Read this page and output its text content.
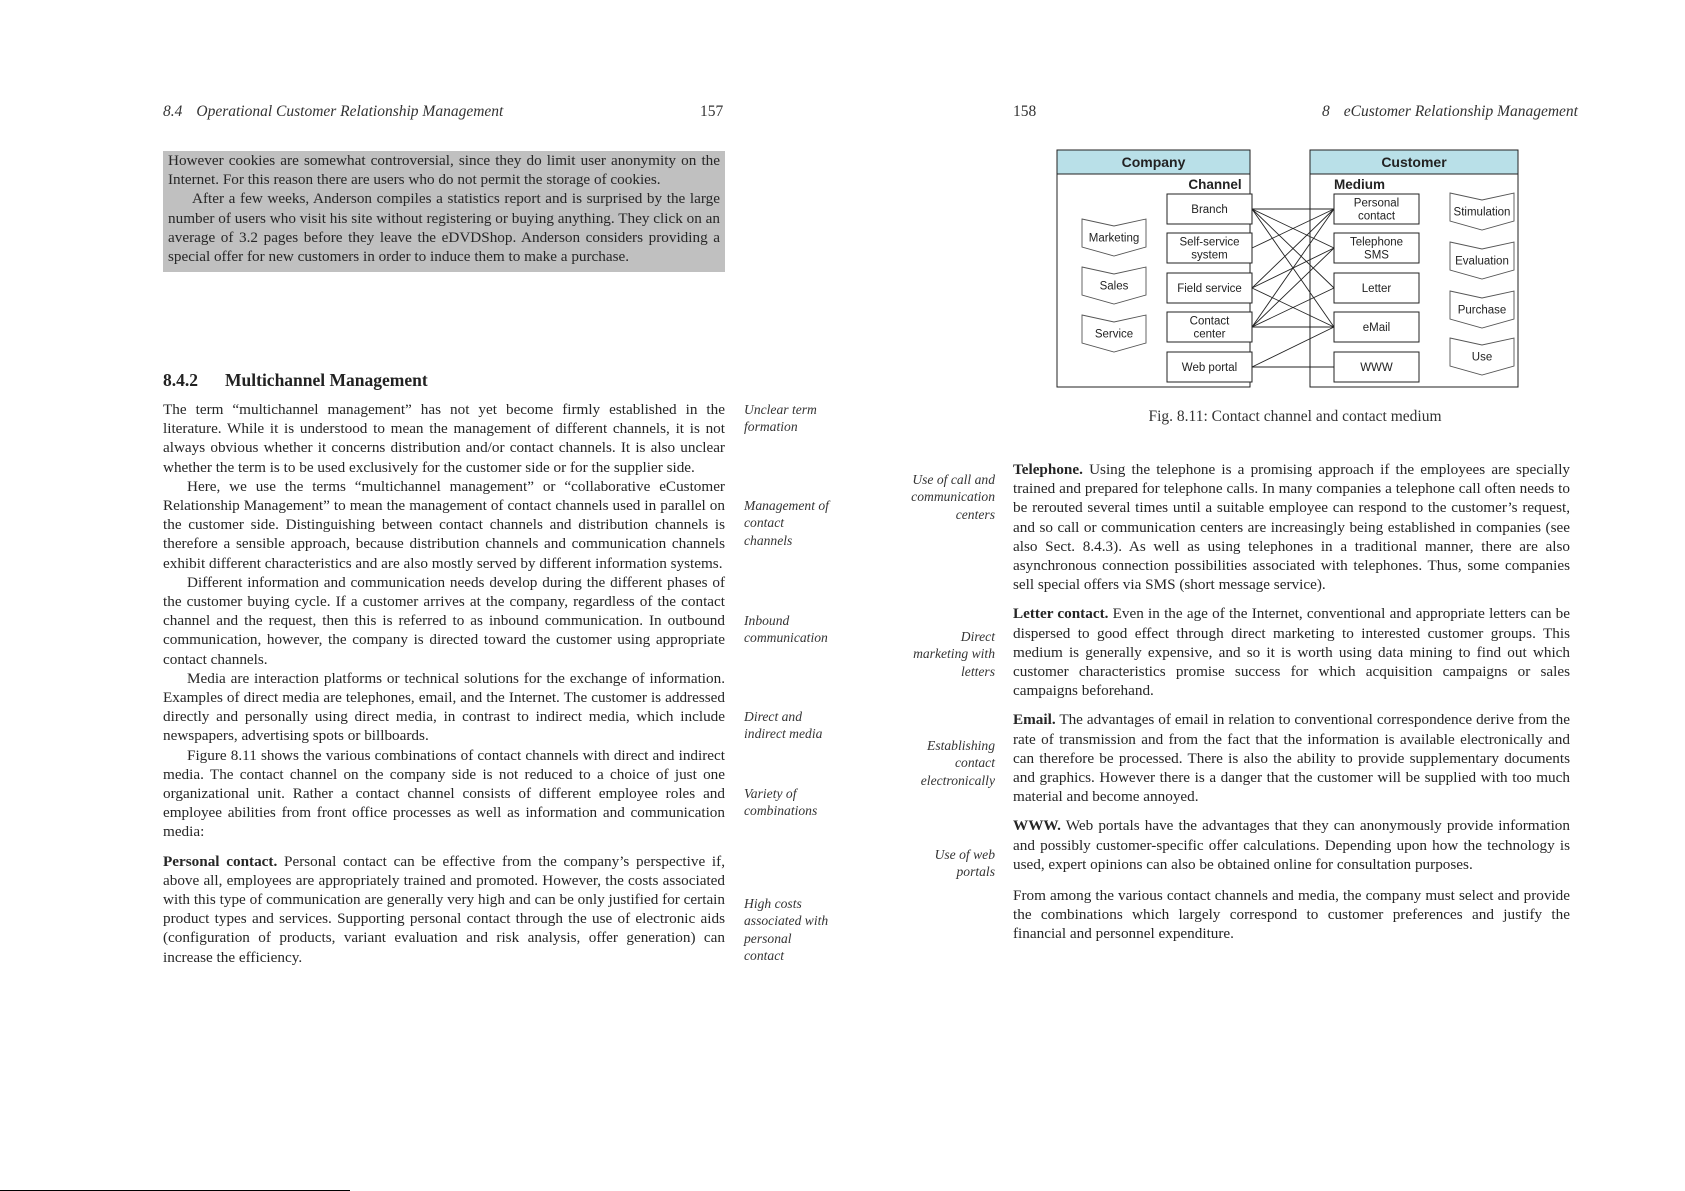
8.4 Operational Customer Relationship Management	157

However cookies are somewhat controversial, since they do limit user anonymity on the Internet. For this reason there are users who do not permit the storage of cookies.

After a few weeks, Anderson compiles a statistics report and is surprised by the large number of users who visit his site without registering or buying anything. They click on an average of 3.2 pages before they leave the eDVDShop. Anderson considers providing a special offer for new customers in order to induce them to make a purchase.

8.4.2 Multichannel Management

The term “multichannel management” has not yet become firmly established in the literature. While it is understood to mean the management of different channels, it is not always obvious whether it concerns distribution and/or contact channels. It is also unclear whether the term is to be used exclusively for the customer side or for the supplier side.

Here, we use the terms “multichannel management” or “collaborative eCustomer Relationship Management” to mean the management of contact channels used in parallel on the customer side. Distinguishing between contact channels and distribution channels is therefore a sensible approach, because distribution channels and communication channels exhibit different characteristics and are also mostly served by different information systems.

Different information and communication needs develop during the different phases of the customer buying cycle. If a customer arrives at the company, regardless of the contact channel and the request, then this is referred to as inbound communication. In outbound communication, however, the company is directed toward the customer using appropriate contact channels.

Media are interaction platforms or technical solutions for the exchange of information. Examples of direct media are telephones, email, and the Internet. The customer is addressed directly and personally using direct media, in contrast to indirect media, which include newspapers, advertising spots or billboards.

Figure 8.11 shows the various combinations of contact channels with direct and indirect media. The contact channel on the company side is not reduced to a choice of just one organizational unit. Rather a contact channel consists of different employee roles and employee abilities from front office processes as well as information and communication media:

Personal contact. Personal contact can be effective from the company’s perspective if, above all, employees are appropriately trained and promoted. However, the costs associated with this type of communication are generally very high and can be only justified for certain product types and services. Supporting personal contact through the use of electronic aids (configuration of products, variant evaluation and risk analysis, offer generation) can increase the efficiency.

Unclear term
formation
Management of
contact
channels
Inbound
communication
Direct and
indirect media
Variety of
combinations
High costs
associated with
personal
contact
158	8 eCustomer Relationship Management
Company	Customer
Channel	Medium
Branch
Self-service
system
Field service
Contact
center
Web portal
Personal
contact
Telephone
SMS
Letter
eMail
WWW
Marketing
Sales
Service
Stimulation
Evaluation
Purchase
Use
Fig. 8.11: Contact channel and contact medium

Telephone. Using the telephone is a promising approach if the employees are specially trained and prepared for telephone calls. In many companies a telephone call often needs to be rerouted several times until a suitable employee can respond to the customer’s request, and so call or communication centers are increasingly being established in companies (see also Sect. 8.4.3). As well as using telephones in a traditional manner, there are also asynchronous connection possibilities associated with telephones. Thus, some companies sell special offers via SMS (short message service).

Letter contact. Even in the age of the Internet, conventional and appropriate letters can be dispersed to good effect through direct marketing to interested customer groups. This medium is generally expensive, and so it is worth using data mining to find out which customer characteristics promise success for which acquisition campaigns or sales campaigns beforehand.

Email. The advantages of email in relation to conventional correspondence derive from the rate of transmission and from the fact that the information is available electronically and can therefore be processed. There is also the ability to provide supplementary documents and graphics. However there is a danger that the customer will be supplied with too much material and become annoyed.

WWW. Web portals have the advantages that they can anonymously provide information and possibly customer-specific offer calculations. Depending upon how the technology is used, expert opinions can also be obtained online for consultation purposes.

From among the various contact channels and media, the company must select and provide the combinations which largely correspond to customer preferences and justify the financial and personnel expenditure.

Use of call and
communication
centers
Direct
marketing with
letters
Establishing
contact
electronically
Use of web
portals
